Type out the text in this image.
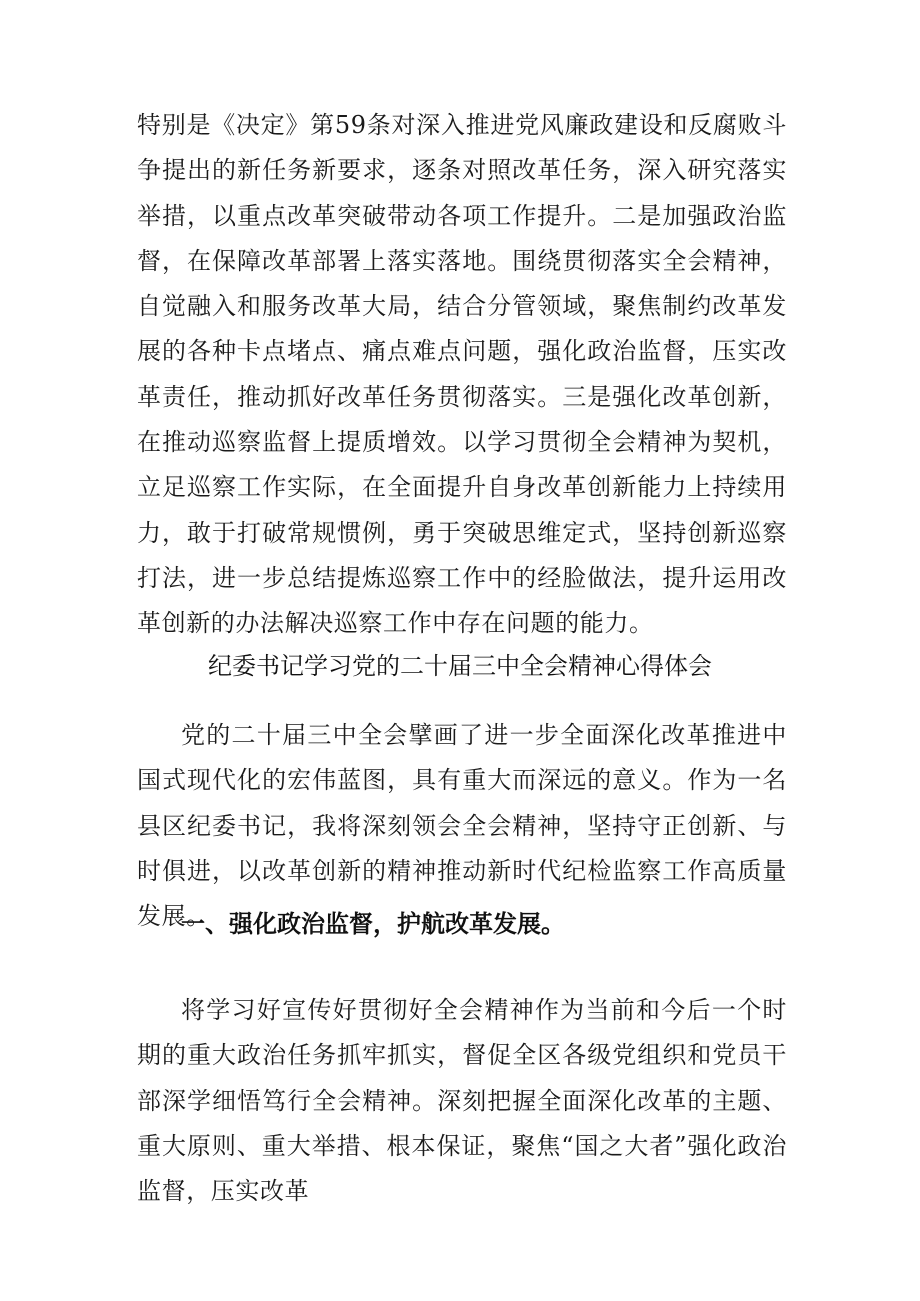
特别是《决定》第59条对深入推进党风廉政建设和反腐败斗争提出的新任务新要求，逐条对照改革任务，深入研究落实举措，以重点改革突破带动各项工作提升。二是加强政治监督，在保障改革部署上落实落地。围绕贯彻落实全会精神，自觉融入和服务改革大局，结合分管领域，聚焦制约改革发展的各种卡点堵点、痛点难点问题，强化政治监督，压实改革责任，推动抓好改革任务贯彻落实。三是强化改革创新，在推动巡察监督上提质增效。以学习贯彻全会精神为契机，立足巡察工作实际，在全面提升自身改革创新能力上持续用力，敢于打破常规惯例，勇于突破思维定式，坚持创新巡察打法，进一步总结提炼巡察工作中的经脸做法，提升运用改革创新的办法解决巡察工作中存在问题的能力。

纪委书记学习党的二十届三中全会精神心得体会

党的二十届三中全会擘画了进一步全面深化改革推进中国式现代化的宏伟蓝图，具有重大而深远的意义。作为一名县区纪委书记，我将深刻领会全会精神，坚持守正创新、与时俱进，以改革创新的精神推动新时代纪检监察工作高质量发展。

一、强化政治监督，护航改革发展。

将学习好宣传好贯彻好全会精神作为当前和今后一个时期的重大政治任务抓牢抓实，督促全区各级党组织和党员干部深学细悟笃行全会精神。深刻把握全面深化改革的主题、重大原则、重大举措、根本保证，聚焦“国之大者”强化政治监督，压实改革
